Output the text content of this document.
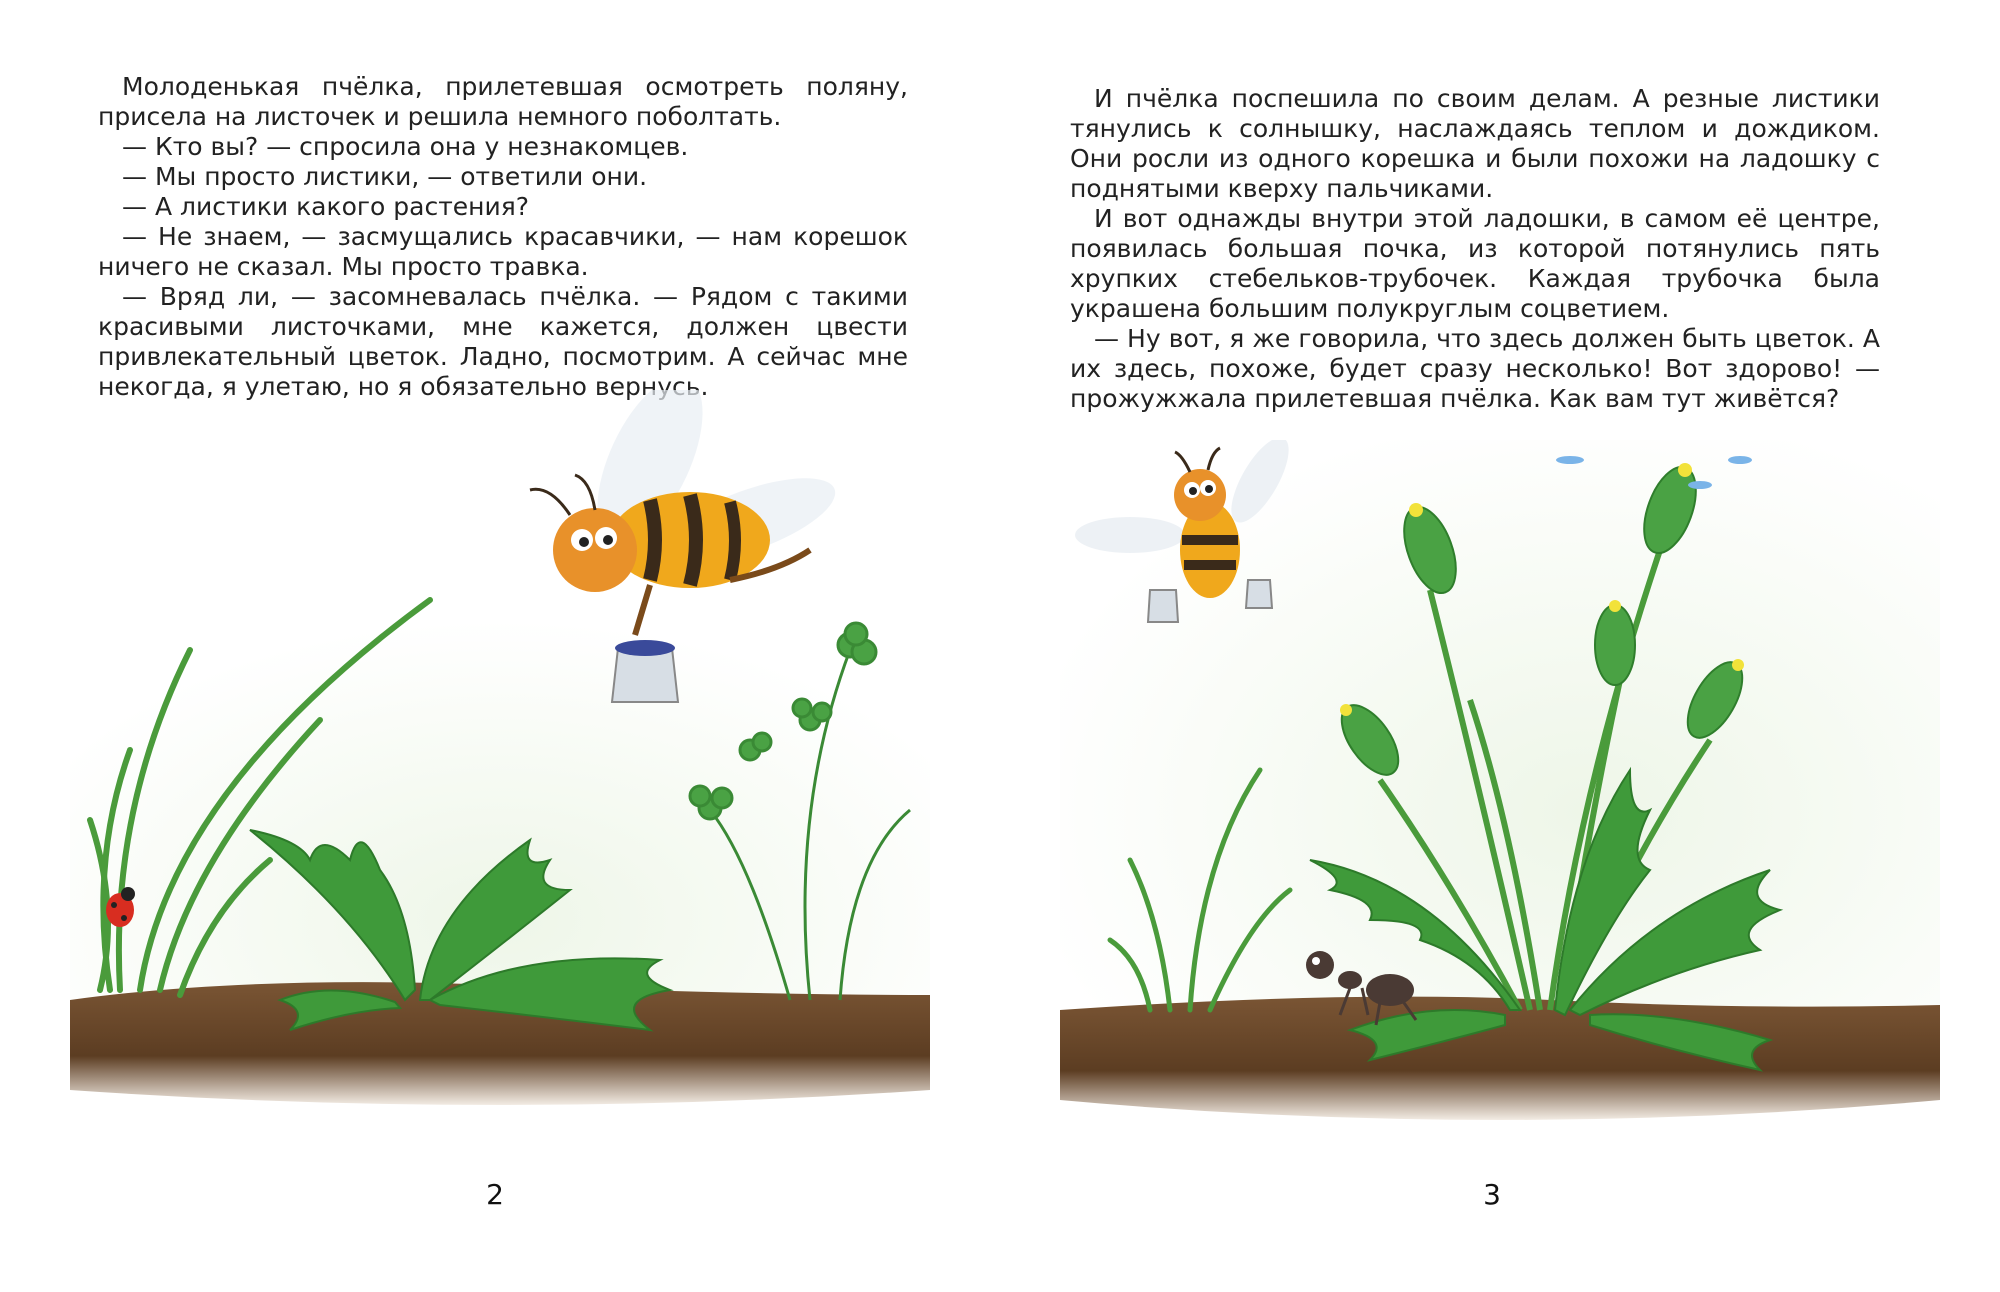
Молоденькая пчёлка, прилетевшая осмотреть поляну, присела на листочек и решила немного поболтать.

— Кто вы? — спросила она у незнакомцев.

— Мы просто листики, — ответили они.

— А листики какого растения?

— Не знаем, — засмущались красавчики, — нам корешок ничего не сказал. Мы просто травка.

— Вряд ли, — засомневалась пчёлка. — Рядом с такими красивыми листочками, мне кажется, должен цвести привлекательный цветок. Ладно, посмотрим. А сейчас мне некогда, я улетаю, но я обязательно вернусь.

2

И пчёлка поспешила по своим делам. А резные листики тянулись к солнышку, наслаждаясь теплом и дождиком. Они росли из одного корешка и были похожи на ладошку с поднятыми кверху пальчиками.

И вот однажды внутри этой ладошки, в самом её центре, появилась большая почка, из которой потянулись пять хрупких стебельков-трубочек. Каждая трубочка была украшена большим полукруглым соцветием.

— Ну вот, я же говорила, что здесь должен быть цветок. А их здесь, похоже, будет сразу несколько! Вот здорово! — прожужжала прилетевшая пчёлка. Как вам тут живётся?

3
